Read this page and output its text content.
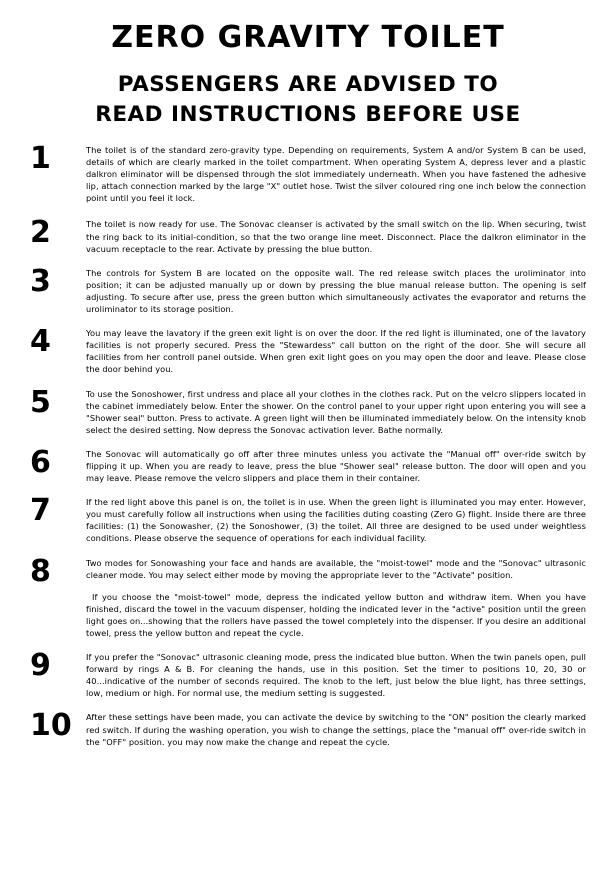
ZERO GRAVITY TOILET
PASSENGERS ARE ADVISED TO
READ INSTRUCTIONS BEFORE USE
1	The toilet is of the standard zero-gravity type. Depending on requirements, System A and/or System B can be used, details of which are clearly marked in the toilet compartment. When operating System A, depress lever and a plastic dalkron eliminator will be dispensed through the slot immediately underneath. When you have fastened the adhesive lip, attach connection marked by the large "X" outlet hose. Twist the silver coloured ring one inch below the connection point until you feel it lock.

2	The toilet is now ready for use. The Sonovac cleanser is activated by the small switch on the lip. When securing, twist the ring back to its initial-condition, so that the two orange line meet. Disconnect. Place the dalkron eliminator in the vacuum receptacle to the rear. Activate by pressing the blue button.

3	The controls for System B are located on the opposite wall. The red release switch places the uroliminator into position; it can be adjusted manually up or down by pressing the blue manual release button. The opening is self adjusting. To secure after use, press the green button which simultaneously activates the evaporator and returns the uroliminator to its storage position.

4	You may leave the lavatory if the green exit light is on over the door. If the red light is illuminated, one of the lavatory facilities is not properly secured. Press the "Stewardess" call button on the right of the door. She will secure all facilities from her controll panel outside. When gren exit light goes on you may open the door and leave. Please close the door behind you.

5	To use the Sonoshower, first undress and place all your clothes in the clothes rack. Put on the velcro slippers located in the cabinet immediately below. Enter the shower. On the control panel to your upper right upon entering you will see a "Shower seal" button. Press to activate. A green light will then be illuminated immediately below. On the intensity knob select the desired setting. Now depress the Sonovac activation lever. Bathe normally.

6	The Sonovac will automatically go off after three minutes unless you activate the "Manual off" over-ride switch by flipping it up. When you are ready to leave, press the blue "Shower seal" release button. The door will open and you may leave. Please remove the velcro slippers and place them in their container.

7	If the red light above this panel is on, the toilet is in use. When the green light is illuminated you may enter. However, you must carefully follow all instructions when using the facilities duting coasting (Zero G) flight. Inside there are three facilities: (1) the Sonowasher, (2) the Sonoshower, (3) the toilet. All three are designed to be used under weightless conditions. Please observe the sequence of operations for each individual facility.

8	Two modes for Sonowashing your face and hands are available, the "moist-towel" mode and the "Sonovac" ultrasonic cleaner mode. You may select either mode by moving the appropriate lever to the "Activate" position.

If you choose the "moist-towel" mode, depress the indicated yellow button and withdraw item. When you have finished, discard the towel in the vacuum dispenser, holding the indicated lever in the "active" position until the green light goes on...showing that the rollers have passed the towel completely into the dispenser. If you desire an additional towel, press the yellow button and repeat the cycle.

9	If you prefer the "Sonovac" ultrasonic cleaning mode, press the indicated blue button. When the twin panels open, pull forward by rings A & B. For cleaning the hands, use in this position. Set the timer to positions 10, 20, 30 or 40...indicative of the number of seconds required. The knob to the left, just below the blue light, has three settings, low, medium or high. For normal use, the medium setting is suggested.

10	After these settings have been made, you can activate the device by switching to the "ON" position the clearly marked red switch. If during the washing operation, you wish to change the settings, place the "manual off" over-ride switch in the "OFF" position. you may now make the change and repeat the cycle.
